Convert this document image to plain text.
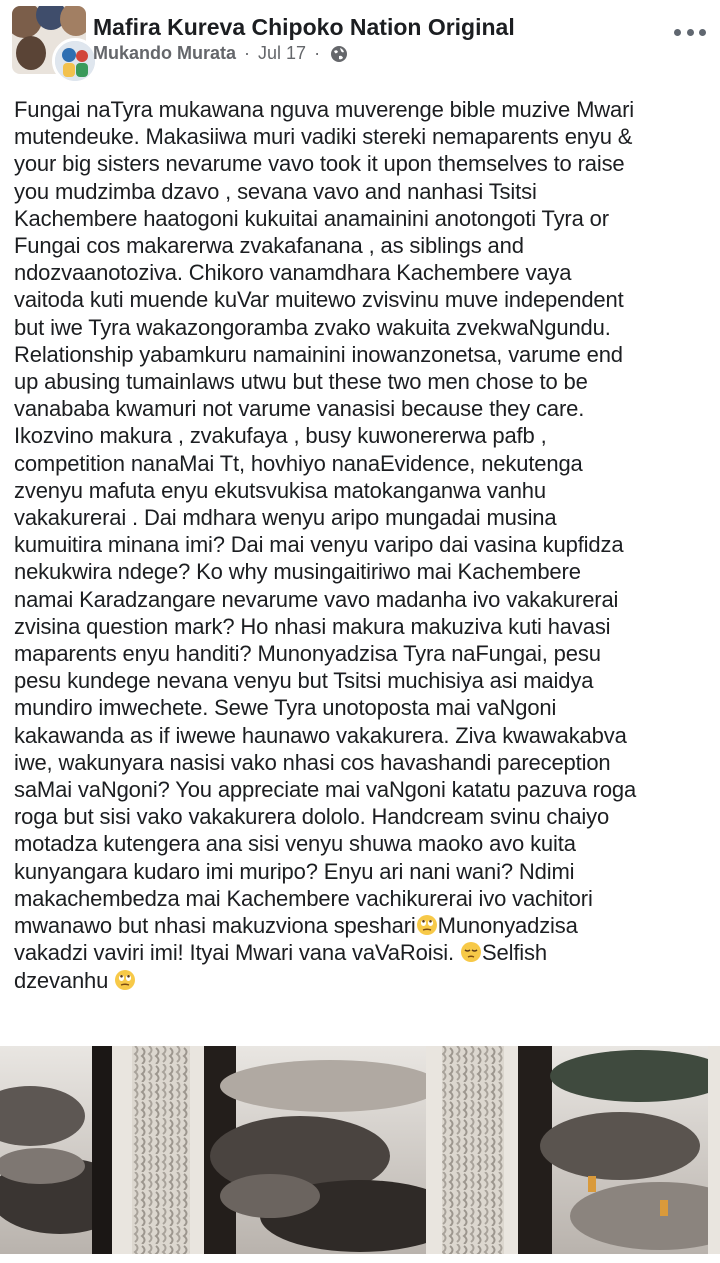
Mafira Kureva Chipoko Nation Original
Mukando Murata · Jul 17 ·
Fungai naTyra mukawana nguva muverenge bible muzive Mwari
mutendeuke. Makasiiwa muri vadiki stereki nemaparents enyu &
your big sisters nevarume vavo took it upon themselves to raise
you mudzimba dzavo , sevana vavo and nanhasi Tsitsi
Kachembere haatogoni kukuitai anamainini anotongoti Tyra or
Fungai cos makarerwa zvakafanana , as siblings and
ndozvaanotoziva. Chikoro vanamdhara Kachembere vaya
vaitoda kuti muende kuVar muitewo zvisvinu muve independent
but iwe Tyra wakazongoramba zvako wakuita zvekwaNgundu.
Relationship yabamkuru namainini inowanzonetsa, varume end
up abusing tumainlaws utwu but these two men chose to be
vanababa kwamuri not varume vanasisi because they care.
Ikozvino makura , zvakufaya , busy kuwonererwa pafb ,
competition nanaMai Tt, hovhiyo nanaEvidence, nekutenga
zvenyu mafuta enyu ekutsvukisa matokanganwa vanhu
vakakurerai . Dai mdhara wenyu aripo mungadai musina
kumuitira minana imi? Dai mai venyu varipo dai vasina kupfidza
nekukwira ndege? Ko why musingaitiriwo mai Kachembere
namai Karadzangare nevarume vavo madanha ivo vakakurerai
zvisina question mark? Ho nhasi makura makuziva kuti havasi
maparents enyu handiti? Munonyadzisa Tyra naFungai, pesu
pesu kundege nevana venyu but Tsitsi muchisiya asi maidya
mundiro imwechete. Sewe Tyra unotoposta mai vaNgoni
kakawanda as if iwewe haunawo vakakurera. Ziva kwawakabva
iwe, wakunyara nasisi vako nhasi cos havashandi pareception
saMai vaNgoni? You appreciate mai vaNgoni katatu pazuva roga
roga but sisi vako vakakurera dololo. Handcream svinu chaiyo
motadza kutengera ana sisi venyu shuwa maoko avo kuita
kunyangara kudaro imi muripo? Enyu ari nani wani? Ndimi
makachembedza mai Kachembere vachikurerai ivo vachitori
mwanawo but nhasi makuzviona speshari Munonyadzisa
vakadzi vaviri imi! Ityai Mwari vana vaVaRoisi. Selfish
dzevanhu
